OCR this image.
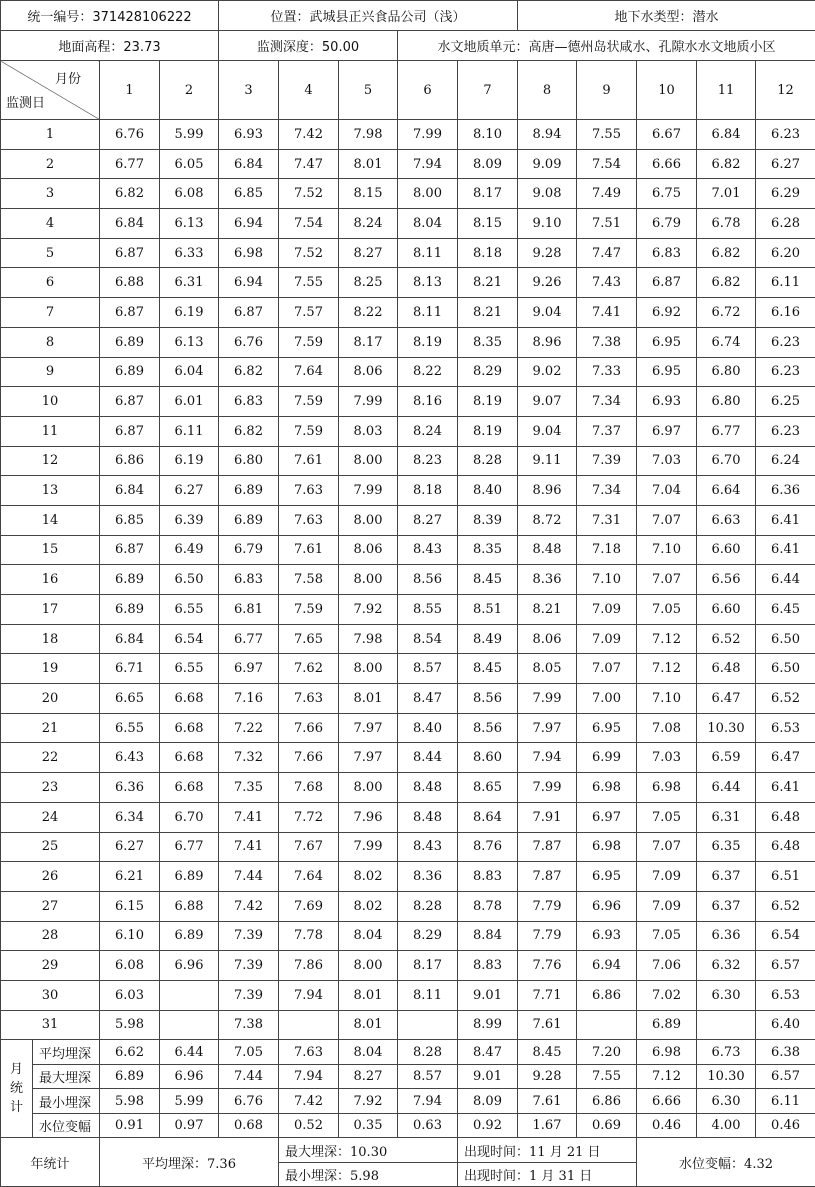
统一编号：371428106222				位置：武城县正兴食品公司（浅）					地下水类型：潜水				
地面高程：23.73				监测深度：50.00			水文地质单元：高唐—德州岛状咸水、孔隙水水文地质小区						

月份
监测日		1	2	3	4	5	6	7	8	9	10	11	12
1		6.76	5.99	6.93	7.42	7.98	7.99	8.10	8.94	7.55	6.67	6.84	6.23
2		6.77	6.05	6.84	7.47	8.01	7.94	8.09	9.09	7.54	6.66	6.82	6.27
3		6.82	6.08	6.85	7.52	8.15	8.00	8.17	9.08	7.49	6.75	7.01	6.29
4		6.84	6.13	6.94	7.54	8.24	8.04	8.15	9.10	7.51	6.79	6.78	6.28
5		6.87	6.33	6.98	7.52	8.27	8.11	8.18	9.28	7.47	6.83	6.82	6.20
6		6.88	6.31	6.94	7.55	8.25	8.13	8.21	9.26	7.43	6.87	6.82	6.11
7		6.87	6.19	6.87	7.57	8.22	8.11	8.21	9.04	7.41	6.92	6.72	6.16
8		6.89	6.13	6.76	7.59	8.17	8.19	8.35	8.96	7.38	6.95	6.74	6.23
9		6.89	6.04	6.82	7.64	8.06	8.22	8.29	9.02	7.33	6.95	6.80	6.23
10		6.87	6.01	6.83	7.59	7.99	8.16	8.19	9.07	7.34	6.93	6.80	6.25
11		6.87	6.11	6.82	7.59	8.03	8.24	8.19	9.04	7.37	6.97	6.77	6.23
12		6.86	6.19	6.80	7.61	8.00	8.23	8.28	9.11	7.39	7.03	6.70	6.24
13		6.84	6.27	6.89	7.63	7.99	8.18	8.40	8.96	7.34	7.04	6.64	6.36
14		6.85	6.39	6.89	7.63	8.00	8.27	8.39	8.72	7.31	7.07	6.63	6.41
15		6.87	6.49	6.79	7.61	8.06	8.43	8.35	8.48	7.18	7.10	6.60	6.41
16		6.89	6.50	6.83	7.58	8.00	8.56	8.45	8.36	7.10	7.07	6.56	6.44
17		6.89	6.55	6.81	7.59	7.92	8.55	8.51	8.21	7.09	7.05	6.60	6.45
18		6.84	6.54	6.77	7.65	7.98	8.54	8.49	8.06	7.09	7.12	6.52	6.50
19		6.71	6.55	6.97	7.62	8.00	8.57	8.45	8.05	7.07	7.12	6.48	6.50
20		6.65	6.68	7.16	7.63	8.01	8.47	8.56	7.99	7.00	7.10	6.47	6.52
21		6.55	6.68	7.22	7.66	7.97	8.40	8.56	7.97	6.95	7.08	10.30	6.53
22		6.43	6.68	7.32	7.66	7.97	8.44	8.60	7.94	6.99	7.03	6.59	6.47
23		6.36	6.68	7.35	7.68	8.00	8.48	8.65	7.99	6.98	6.98	6.44	6.41
24		6.34	6.70	7.41	7.72	7.96	8.48	8.64	7.91	6.97	7.05	6.31	6.48
25		6.27	6.77	7.41	7.67	7.99	8.43	8.76	7.87	6.98	7.07	6.35	6.48
26		6.21	6.89	7.44	7.64	8.02	8.36	8.83	7.87	6.95	7.09	6.37	6.51
27		6.15	6.88	7.42	7.69	8.02	8.28	8.78	7.79	6.96	7.09	6.37	6.52
28		6.10	6.89	7.39	7.78	8.04	8.29	8.84	7.79	6.93	7.05	6.36	6.54
29		6.08	6.96	7.39	7.86	8.00	8.17	8.83	7.76	6.94	7.06	6.32	6.57
30		6.03		7.39	7.94	8.01	8.11	9.01	7.71	6.86	7.02	6.30	6.53
31		5.98		7.38		8.01		8.99	7.61		6.89		6.40

月
统
计	平均埋深	6.62	6.44	7.05	7.63	8.04	8.28	8.47	8.45	7.20	6.98	6.73	6.38
	最大埋深	6.89	6.96	7.44	7.94	8.27	8.57	9.01	9.28	7.55	7.12	10.30	6.57
	最小埋深	5.98	5.99	6.76	7.42	7.92	7.94	8.09	7.61	6.86	6.66	6.30	6.11
	水位变幅	0.91	0.97	0.68	0.52	0.35	0.63	0.92	1.67	0.69	0.46	4.00	0.46
年统计		平均埋深：7.36			最大埋深：10.30			出现时间：11 月 21 日			水位变幅：4.32		
					最小埋深：5.98			出现时间：1 月 31 日					
